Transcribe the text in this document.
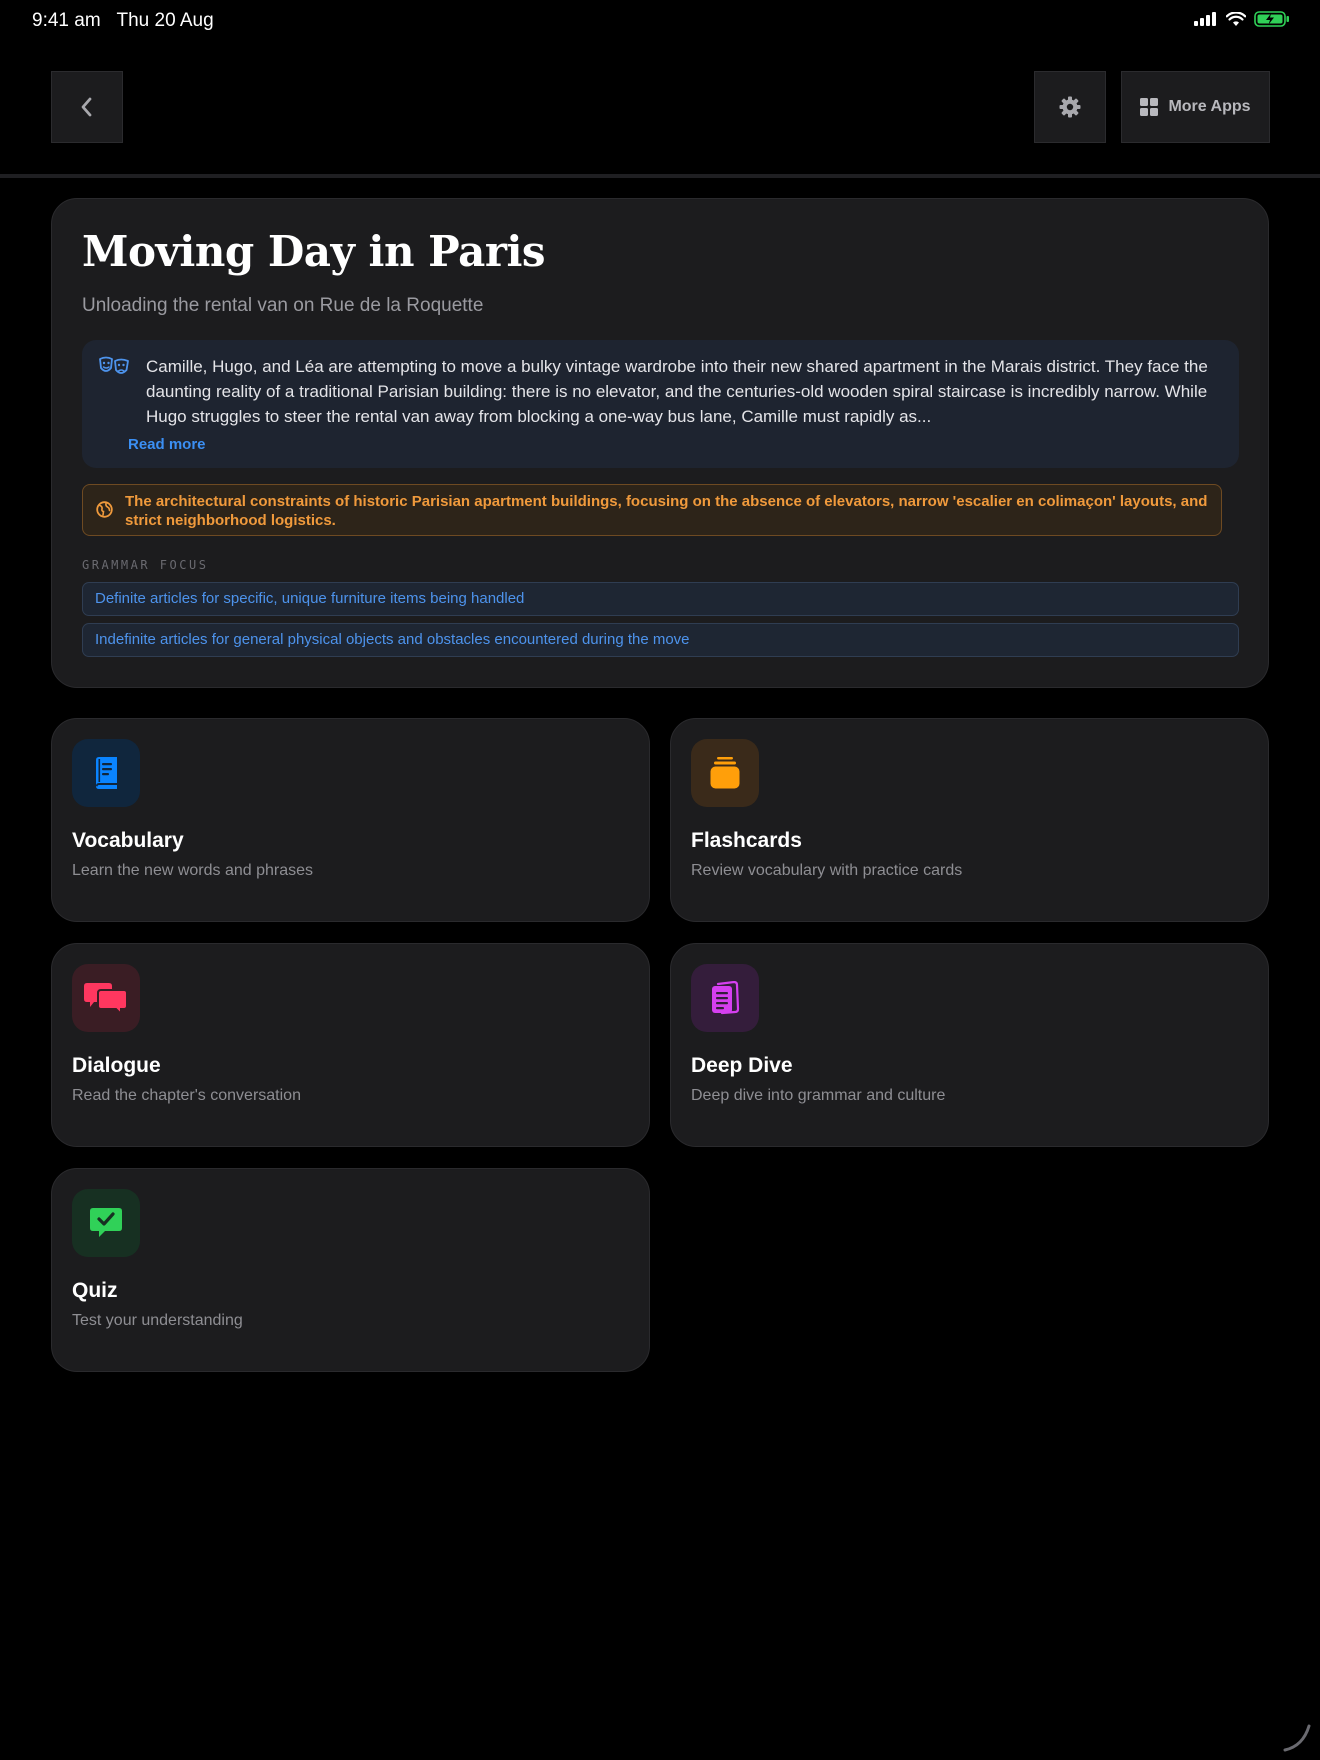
9:41 am Thu 20 Aug
More Apps
Moving Day in Paris
Unloading the rental van on Rue de la Roquette
Camille, Hugo, and Léa are attempting to move a bulky vintage wardrobe into their new shared apartment in the Marais district. They face the daunting reality of a traditional Parisian building: there is no elevator, and the centuries-old wooden spiral staircase is incredibly narrow. While Hugo struggles to steer the rental van away from blocking a one-way bus lane, Camille must rapidly as...
Read more
The architectural constraints of historic Parisian apartment buildings, focusing on the absence of elevators, narrow 'escalier en colimaçon' layouts, and strict neighborhood logistics.
GRAMMAR FOCUS
Definite articles for specific, unique furniture items being handled
Indefinite articles for general physical objects and obstacles encountered during the move
Vocabulary
Learn the new words and phrases
Flashcards
Review vocabulary with practice cards
Dialogue
Read the chapter's conversation
Deep Dive
Deep dive into grammar and culture
Quiz
Test your understanding
